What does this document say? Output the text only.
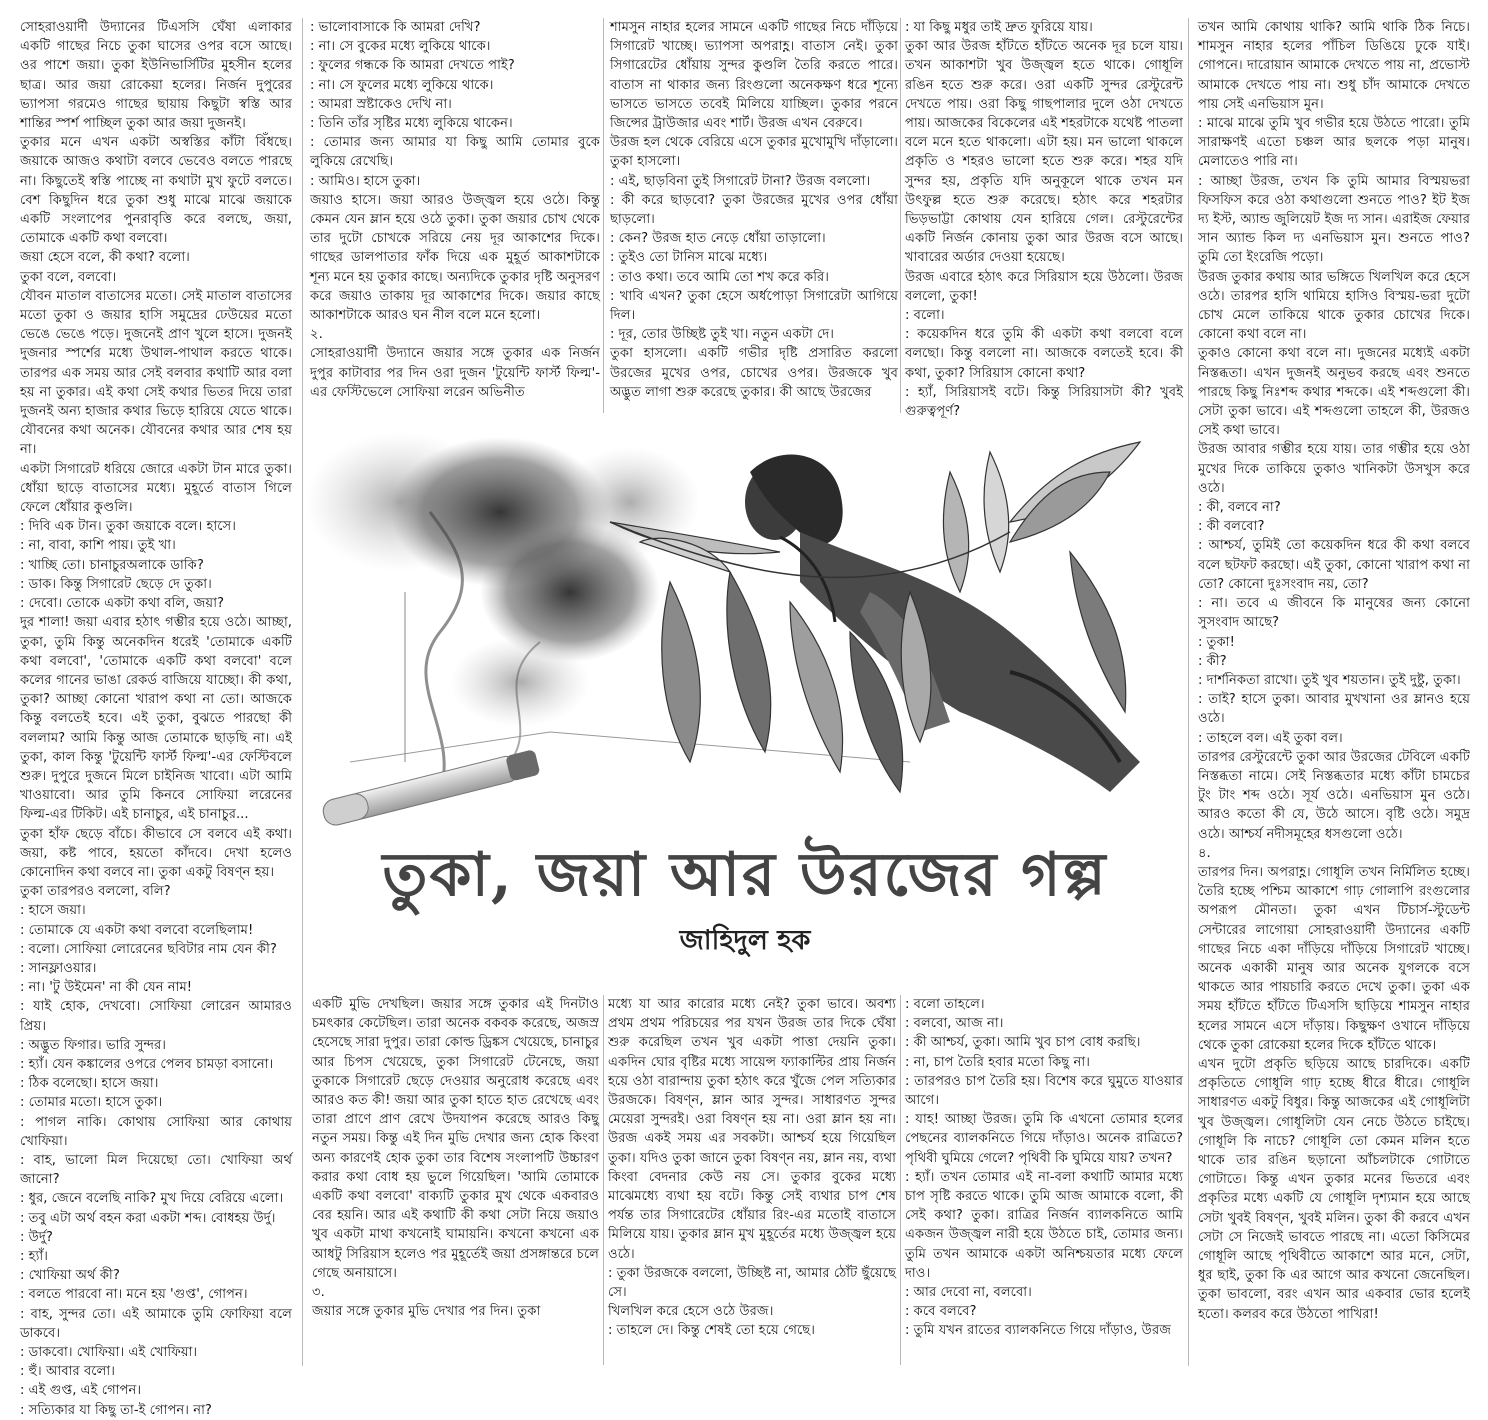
সোহরাওয়ার্দী উদ্যানের টিএসসি ঘেঁষা এলাকার একটি গাছের নিচে তুকা ঘাসের ওপর বসে আছে। ওর পাশে জয়া। তুকা ইউনিভার্সিটির মুহসীন হলের ছাত্র। আর জয়া রোকেয়া হলের। নির্জন দুপুরের ভ্যাপসা গরমেও গাছের ছায়ায় কিছুটা স্বস্তি আর শান্তির স্পর্শ পাচ্ছিল তুকা আর জয়া দুজনই।

তুকার মনে এখন একটা অস্বস্তির কাঁটা বিঁধছে। জয়াকে আজও কথাটা বলবে ভেবেও বলতে পারছে না। কিছুতেই স্বস্তি পাচ্ছে না কথাটা মুখ ফুটে বলতে। বেশ কিছুদিন ধরে তুকা শুধু মাঝে মাঝে জয়াকে একটি সংলাপের পুনরাবৃত্তি করে বলছে, জয়া, তোমাকে একটি কথা বলবো।

জয়া হেসে বলে, কী কথা? বলো।

তুকা বলে, বলবো।

যৌবন মাতাল বাতাসের মতো। সেই মাতাল বাতাসের মতো তুকা ও জয়ার হাসি সমুদ্রের ঢেউয়ের মতো ভেঙে ভেঙে পড়ে। দুজনেই প্রাণ খুলে হাসে। দুজনই দুজনার স্পর্শের মধ্যে উথাল-পাথাল করতে থাকে। তারপর এক সময় আর সেই বলবার কথাটি আর বলা হয় না তুকার। এই কথা সেই কথার ভিতর দিয়ে তারা দুজনই অন্য হাজার কথার ভিড়ে হারিয়ে যেতে থাকে। যৌবনের কথা অনেক। যৌবনের কথার আর শেষ হয় না।

একটা সিগারেট ধরিয়ে জোরে একটা টান মারে তুকা। ধোঁয়া ছাড়ে বাতাসের মধ্যে। মুহূর্তে বাতাস গিলে ফেলে ধোঁয়ার কুণ্ডলি।

: দিবি এক টান। তুকা জয়াকে বলে। হাসে।

: না, বাবা, কাশি পায়। তুই খা।

: খাচ্ছি তো। চানাচুরঅলাকে ডাকি?

: ডাক। কিন্তু সিগারেট ছেড়ে দে তুকা।

: দেবো। তোকে একটা কথা বলি, জয়া?

দুর শালা! জয়া এবার হঠাৎ গম্ভীর হয়ে ওঠে। আচ্ছা, তুকা, তুমি কিন্তু অনেকদিন ধরেই 'তোমাকে একটি কথা বলবো', 'তোমাকে একটি কথা বলবো' বলে কলের গানের ভাঙা রেকর্ড বাজিয়ে যাচ্ছো। কী কথা, তুকা? আচ্ছা কোনো খারাপ কথা না তো। আজকে কিন্তু বলতেই হবে। এই তুকা, বুঝতে পারছো কী বললাম? আমি কিন্তু আজ তোমাকে ছাড়ছি না। এই তুকা, কাল কিন্তু 'টুয়েন্টি ফার্স্ট ফিল্ম'-এর ফেস্টিবলে শুরু। দুপুরে দুজনে মিলে চাইনিজ খাবো। এটা আমি খাওয়াবো। আর তুমি কিনবে সোফিয়া লরেনের ফিল্ম-এর টিকিট। এই চানাচুর, এই চানাচুর...

তুকা হাঁফ ছেড়ে বাঁচে। কীভাবে সে বলবে এই কথা। জয়া, কষ্ট পাবে, হয়তো কাঁদবে। দেখা হলেও কোনোদিন কথা বলবে না। তুকা একটু বিষণ্ন হয়।

তুকা তারপরও বললো, বলি?

: হাসে জয়া।

: তোমাকে যে একটা কথা বলবো বলেছিলাম!

: বলো। সোফিয়া লোরেনের ছবিটার নাম যেন কী?

: সানফ্লাওয়ার।

: না। 'টু উইমেন' না কী যেন নাম!

: যাই হোক, দেখবো। সোফিয়া লোরেন আমারও প্রিয়।

: অদ্ভুত ফিগার। ভারি সুন্দর।

: হ্যাঁ। যেন কঙ্কালের ওপরে পেলব চামড়া বসানো।

: ঠিক বলেছো। হাসে জয়া।

: তোমার মতো। হাসে তুকা।

: পাগল নাকি। কোথায় সোফিয়া আর কোথায় খোফিয়া।

: বাহ, ভালো মিল দিয়েছো তো। খোফিয়া অর্থ জানো?

: ধুর, জেনে বলেছি নাকি? মুখ দিয়ে বেরিয়ে এলো।

: তবু এটা অর্থ বহন করা একটা শব্দ। বোধহয় উর্দু।

: উর্দু?

: হ্যাঁ।

: খোফিয়া অর্থ কী?

: বলতে পারবো না। মনে হয় 'গুপ্ত', গোপন।

: বাহ, সুন্দর তো। এই আমাকে তুমি ফোফিয়া বলে ডাকবে।

: ডাকবো। খোফিয়া। এই খোফিয়া।

: হুঁ। আবার বলো।

: এই গুপ্ত, এই গোপন।

: সত্যিকার যা কিছু তা-ই গোপন। না?

: ভালোবাসাকে কি আমরা দেখি?

: না। সে বুকের মধ্যে লুকিয়ে থাকে।

: ফুলের গন্ধকে কি আমরা দেখতে পাই?

: না। সে ফুলের মধ্যে লুকিয়ে থাকে।

: আমরা স্রষ্টাকেও দেখি না।

: তিনি তাঁর সৃষ্টির মধ্যে লুকিয়ে থাকেন।

: তোমার জন্য আমার যা কিছু আমি তোমার বুকে লুকিয়ে রেখেছি।

: আমিও। হাসে তুকা।

জয়াও হাসে। জয়া আরও উজ্জ্বল হয়ে ওঠে। কিন্তু কেমন যেন ম্লান হয়ে ওঠে তুকা। তুকা জয়ার চোখ থেকে তার দুটো চোখকে সরিয়ে নেয় দূর আকাশের দিকে। গাছের ডালপাতার ফাঁক দিয়ে এক মুহূর্ত আকাশটাকে শূন্য মনে হয় তুকার কাছে। অন্যদিকে তুকার দৃষ্টি অনুসরণ করে জয়াও তাকায় দূর আকাশের দিকে। জয়ার কাছে আকাশটাকে আরও ঘন নীল বলে মনে হলো।

২.

সোহরাওয়ার্দী উদ্যানে জয়ার সঙ্গে তুকার এক নির্জন দুপুর কাটাবার পর দিন ওরা দুজন 'টুয়েন্টি ফার্স্ট ফিল্ম'-এর ফেস্টিভেলে সোফিয়া লরেন অভিনীত

শামসুন নাহার হলের সামনে একটি গাছের নিচে দাঁড়িয়ে সিগারেট খাচ্ছে। ভ্যাপসা অপরাহ্ণ। বাতাস নেই। তুকা সিগারেটের ধোঁয়ায় সুন্দর কুণ্ডলি তৈরি করতে পারে। বাতাস না থাকার জন্য রিংগুলো অনেকক্ষণ ধরে শূন্যে ভাসতে ভাসতে তবেই মিলিয়ে যাচ্ছিল। তুকার পরনে জিন্সের ট্রাউজার এবং শার্ট। উরজ এখন বেরুবে।

উরজ হল থেকে বেরিয়ে এসে তুকার মুখোমুখি দাঁড়ালো। তুকা হাসলো।

: এই, ছাড়বিনা তুই সিগারেট টানা? উরজ বললো।

: কী করে ছাড়বো? তুকা উরজের মুখের ওপর ধোঁয়া ছাড়লো।

: কেন? উরজ হাত নেড়ে ধোঁয়া তাড়ালো।

: তুইও তো টানিস মাঝে মধ্যে।

: তাও কথা। তবে আমি তো শখ করে করি।

: খাবি এখন? তুকা হেসে অর্ধপোড়া সিগারেটা আগিয়ে দিল।

: দূর, তোর উচ্ছিষ্ট তুই খা। নতুন একটা দে।

তুকা হাসলো। একটি গভীর দৃষ্টি প্রসারিত করলো উরজের মুখের ওপর, চোখের ওপর। উরজকে খুব অদ্ভুত লাগা শুরু করেছে তুকার। কী আছে উরজের

: যা কিছু মধুর তাই দ্রুত ফুরিয়ে যায়।

তুকা আর উরজ হাঁটতে হাঁটতে অনেক দূর চলে যায়। তখন আকাশটা খুব উজ্জ্বল হতে থাকে। গোধূলি রঙিন হতে শুরু করে। ওরা একটি সুন্দর রেস্টুরেন্ট দেখতে পায়। ওরা কিছু গাছপালার দুলে ওঠা দেখতে পায়। আজকের বিকেলের এই শহরটাকে যথেষ্ট পাতলা বলে মনে হতে থাকলো। এটা হয়। মন ভালো থাকলে প্রকৃতি ও শহরও ভালো হতে শুরু করে। শহর যদি সুন্দর হয়, প্রকৃতি যদি অনুকূলে থাকে তখন মন উৎফুল্ল হতে শুরু করেছে। হঠাৎ করে শহরটার ভিড়ভাট্টা কোথায় যেন হারিয়ে গেল। রেস্টুরেন্টের একটি নির্জন কোনায় তুকা আর উরজ বসে আছে। খাবারের অর্ডার দেওয়া হয়েছে।

উরজ এবারে হঠাৎ করে সিরিয়াস হয়ে উঠলো। উরজ বললো, তুকা!

: বলো।

: কয়েকদিন ধরে তুমি কী একটা কথা বলবো বলে বলছো। কিন্তু বললো না। আজকে বলতেই হবে। কী কথা, তুকা? সিরিয়াস কোনো কথা?

: হ্যাঁ, সিরিয়াসই বটে। কিন্তু সিরিয়াসটা কী? খুবই গুরুত্বপূর্ণ?

তখন আমি কোথায় থাকি? আমি থাকি ঠিক নিচে। শামসুন নাহার হলের পাঁচিল ডিঙিয়ে ঢুকে যাই। গোপনে। দারোয়ান আমাকে দেখতে পায় না, প্রভোস্ট আমাকে দেখতে পায় না। শুধু চাঁদ আমাকে দেখতে পায় সেই এনভিয়াস মুন।

: মাঝে মাঝে তুমি খুব গভীর হয়ে উঠতে পারো। তুমি সারাক্ষণই এতো চঞ্চল আর ছলকে পড়া মানুষ। মেলাতেও পারি না।

: আচ্ছা উরজ, তখন কি তুমি আমার বিস্ময়ভরা ফিসফিস করে ওঠা কথাগুলো শুনতে পাও? ইট ইজ দ্য ইস্ট, অ্যান্ড জুলিয়েট ইজ দ্য সান। এরাইজ ফেয়ার সান অ্যান্ড কিল দ্য এনভিয়াস মুন। শুনতে পাও? তুমি তো ইংরেজি পড়ো।

উরজ তুকার কথায় আর ভঙ্গিতে খিলখিল করে হেসে ওঠে। তারপর হাসি থামিয়ে হাসিও বিস্ময়-ভরা দুটো চোখ মেলে তাকিয়ে থাকে তুকার চোখের দিকে। কোনো কথা বলে না।

তুকাও কোনো কথা বলে না। দুজনের মধ্যেই একটা নিস্তব্ধতা। এখন দুজনই অনুভব করছে এবং শুনতে পারছে কিছু নিঃশব্দ কথার শব্দকে। এই শব্দগুলো কী। সেটা তুকা ভাবে। এই শব্দগুলো তাহলে কী, উরজও সেই কথা ভাবে।

উরজ আবার গম্ভীর হয়ে যায়। তার গম্ভীর হয়ে ওঠা মুখের দিকে তাকিয়ে তুকাও খানিকটা উসখুস করে ওঠে।

: কী, বলবে না?

: কী বলবো?

: আশ্চর্য, তুমিই তো কয়েকদিন ধরে কী কথা বলবে বলে ছটফট করছো। এই তুকা, কোনো খারাপ কথা না তো? কোনো দুঃসংবাদ নয়, তো?

: না। তবে এ জীবনে কি মানুষের জন্য কোনো সুসংবাদ আছে?

: তুকা!

: কী?

: দার্শনিকতা রাখো। তুই খুব শয়তান। তুই দুষ্টু, তুকা।

: তাই? হাসে তুকা। আবার মুখখানা ওর ম্লানও হয়ে ওঠে।

: তাহলে বল। এই তুকা বল।

তারপর রেস্টুরেন্টে তুকা আর উরজের টেবিলে একটি নিস্তব্ধতা নামে। সেই নিস্তব্ধতার মধ্যে কাঁটা চামচের টুং টাং শব্দ ওঠে। সূর্য ওঠে। এনভিয়াস মুন ওঠে। আরও কতো কী যে, উঠে আসে। বৃষ্টি ওঠে। সমুদ্র ওঠে। আশ্চর্য নদীসমূহের ধসগুলো ওঠে।

৪.

তারপর দিন। অপরাহ্ণ। গোধূলি তখন নির্মিলিত হচ্ছে। তৈরি হচ্ছে পশ্চিম আকাশে গাঢ় গোলাপি রংগুলোর অপরূপ মৌনতা। তুকা এখন টিচার্স-স্টুডেন্ট সেন্টারের লাগোয়া সোহরাওয়ার্দী উদ্যানের একটি গাছের নিচে একা দাঁড়িয়ে দাঁড়িয়ে সিগারেট খাচ্ছে। অনেক একাকী মানুষ আর অনেক যুগলকে বসে থাকতে আর পায়চারি করতে দেখে তুকা। তুকা এক সময় হাঁটতে হাঁটতে টিএসসি ছাড়িয়ে শামসুন নাহার হলের সামনে এসে দাঁড়ায়। কিছুক্ষণ ওখানে দাঁড়িয়ে থেকে তুকা রোকেয়া হলের দিকে হাঁটতে থাকে।

এখন দুটো প্রকৃতি ছড়িয়ে আছে চারদিকে। একটি প্রকৃতিতে গোধূলি গাঢ় হচ্ছে ধীরে ধীরে। গোধূলি সাধারণত একটু বিধুর। কিন্তু আজকের এই গোধূলিটা খুব উজ্জ্বল। গোধূলিটা যেন নেচে উঠতে চাইছে। গোধূলি কি নাচে? গোধূলি তো কেমন মলিন হতে থাকে তার রঙিন ছড়ানো আঁচলটাকে গোটাতে গোটাতে। কিন্তু এখন তুকার মনের ভিতরে এবং প্রকৃতির মধ্যে একটি যে গোধূলি দৃশ্যমান হয়ে আছে সেটা খুবই বিষণ্ন, খুবই মলিন। তুকা কী করবে এখন সেটা সে নিজেই ভাবতে পারছে না। এতো কিসিমের গোধূলি আছে পৃথিবীতে আকাশে আর মনে, সেটা, ধুর ছাই, তুকা কি এর আগে আর কখনো জেনেছিল। তুকা ভাবলো, বরং এখন আর একবার ভোর হলেই হতো। কলরব করে উঠতো পাখিরা!

তুকা, জয়া আর উরজের গল্প
জাহিদুল হক

একটি মুভি দেখছিল। জয়ার সঙ্গে তুকার এই দিনটাও চমৎকার কেটেছিল। তারা অনেক বকবক করেছে, অজস্র হেসেছে সারা দুপুর। তারা কোল্ড ড্রিঙ্কস খেয়েছে, চানাচুর আর চিপস খেয়েছে, তুকা সিগারেট টেনেছে, জয়া তুকাকে সিগারেট ছেড়ে দেওয়ার অনুরোধ করেছে এবং আরও কত কী! জয়া আর তুকা হাতে হাত রেখেছে এবং তারা প্রাণে প্রাণ রেখে উদযাপন করেছে আরও কিছু নতুন সময়। কিন্তু এই দিন মুভি দেখার জন্য হোক কিংবা অন্য কারণেই হোক তুকা তার বিশেষ সংলাপটি উচ্চারণ করার কথা বোধ হয় ভুলে গিয়েছিল। 'আমি তোমাকে একটি কথা বলবো' বাক্যটি তুকার মুখ থেকে একবারও বের হয়নি। আর এই কথাটি কী কথা সেটা নিয়ে জয়াও খুব একটা মাথা কখনোই ঘামায়নি। কখনো কখনো এক আধটু সিরিয়াস হলেও পর মুহূর্তেই জয়া প্রসঙ্গান্তরে চলে গেছে অনায়াসে।

৩.

জয়ার সঙ্গে তুকার মুভি দেখার পর দিন। তুকা

মধ্যে যা আর কারোর মধ্যে নেই? তুকা ভাবে। অবশ্য প্রথম প্রথম পরিচয়ের পর যখন উরজ তার দিকে ঘেঁষা শুরু করেছিল তখন খুব একটা পাত্তা দেয়নি তুকা। একদিন ঘোর বৃষ্টির মধ্যে সায়েন্স ফ্যাকাল্টির প্রায় নির্জন হয়ে ওঠা বারান্দায় তুকা হঠাৎ করে খুঁজে পেল সত্যিকার উরজকে। বিষণ্ন, ম্লান আর সুন্দর। সাধারণত সুন্দর মেয়েরা সুন্দরই। ওরা বিষণ্ন হয় না। ওরা ম্লান হয় না। উরজ একই সময় এর সবকটা। আশ্চর্য হয়ে গিয়েছিল তুকা। যদিও তুকা জানে তুকা বিষণ্ন নয়, ম্লান নয়, ব্যথা কিংবা বেদনার কেউ নয় সে। তুকার বুকের মধ্যে মাঝেমধ্যে ব্যথা হয় বটে। কিন্তু সেই ব্যথার চাপ শেষ পর্যন্ত তার সিগারেটের ধোঁয়ার রিং-এর মতোই বাতাসে মিলিয়ে যায়। তুকার ম্লান মুখ মুহূর্তের মধ্যে উজ্জ্বল হয়ে ওঠে।

: তুকা উরজকে বললো, উচ্ছিষ্ট না, আমার ঠোঁট ছুঁয়েছে সে।

খিলখিল করে হেসে ওঠে উরজ।

: তাহলে দে। কিন্তু শেষই তো হয়ে গেছে।

: বলো তাহলে।

: বলবো, আজ না।

: কী আশ্চর্য, তুকা। আমি খুব চাপ বোধ করছি।

: না, চাপ তৈরি হবার মতো কিছু না।

: তারপরও চাপ তৈরি হয়। বিশেষ করে ঘুমুতে যাওয়ার আগে।

: যাহ! আচ্ছা উরজ। তুমি কি এখনো তোমার হলের পেছনের ব্যালকনিতে গিয়ে দাঁড়াও। অনেক রাত্রিতে? পৃথিবী ঘুমিয়ে গেলে? পৃথিবী কি ঘুমিয়ে যায়? তখন?

: হ্যাঁ। তখন তোমার এই না-বলা কথাটি আমার মধ্যে চাপ সৃষ্টি করতে থাকে। তুমি আজ আমাকে বলো, কী সেই কথা? তুকা। রাত্রির নির্জন ব্যালকনিতে আমি একজন উজ্জ্বল নারী হয়ে উঠতে চাই, তোমার জন্য। তুমি তখন আমাকে একটা অনিশ্চয়তার মধ্যে ফেলে দাও।

: আর দেবো না, বলবো।

: কবে বলবে?

: তুমি যখন রাতের ব্যালকনিতে গিয়ে দাঁড়াও, উরজ
